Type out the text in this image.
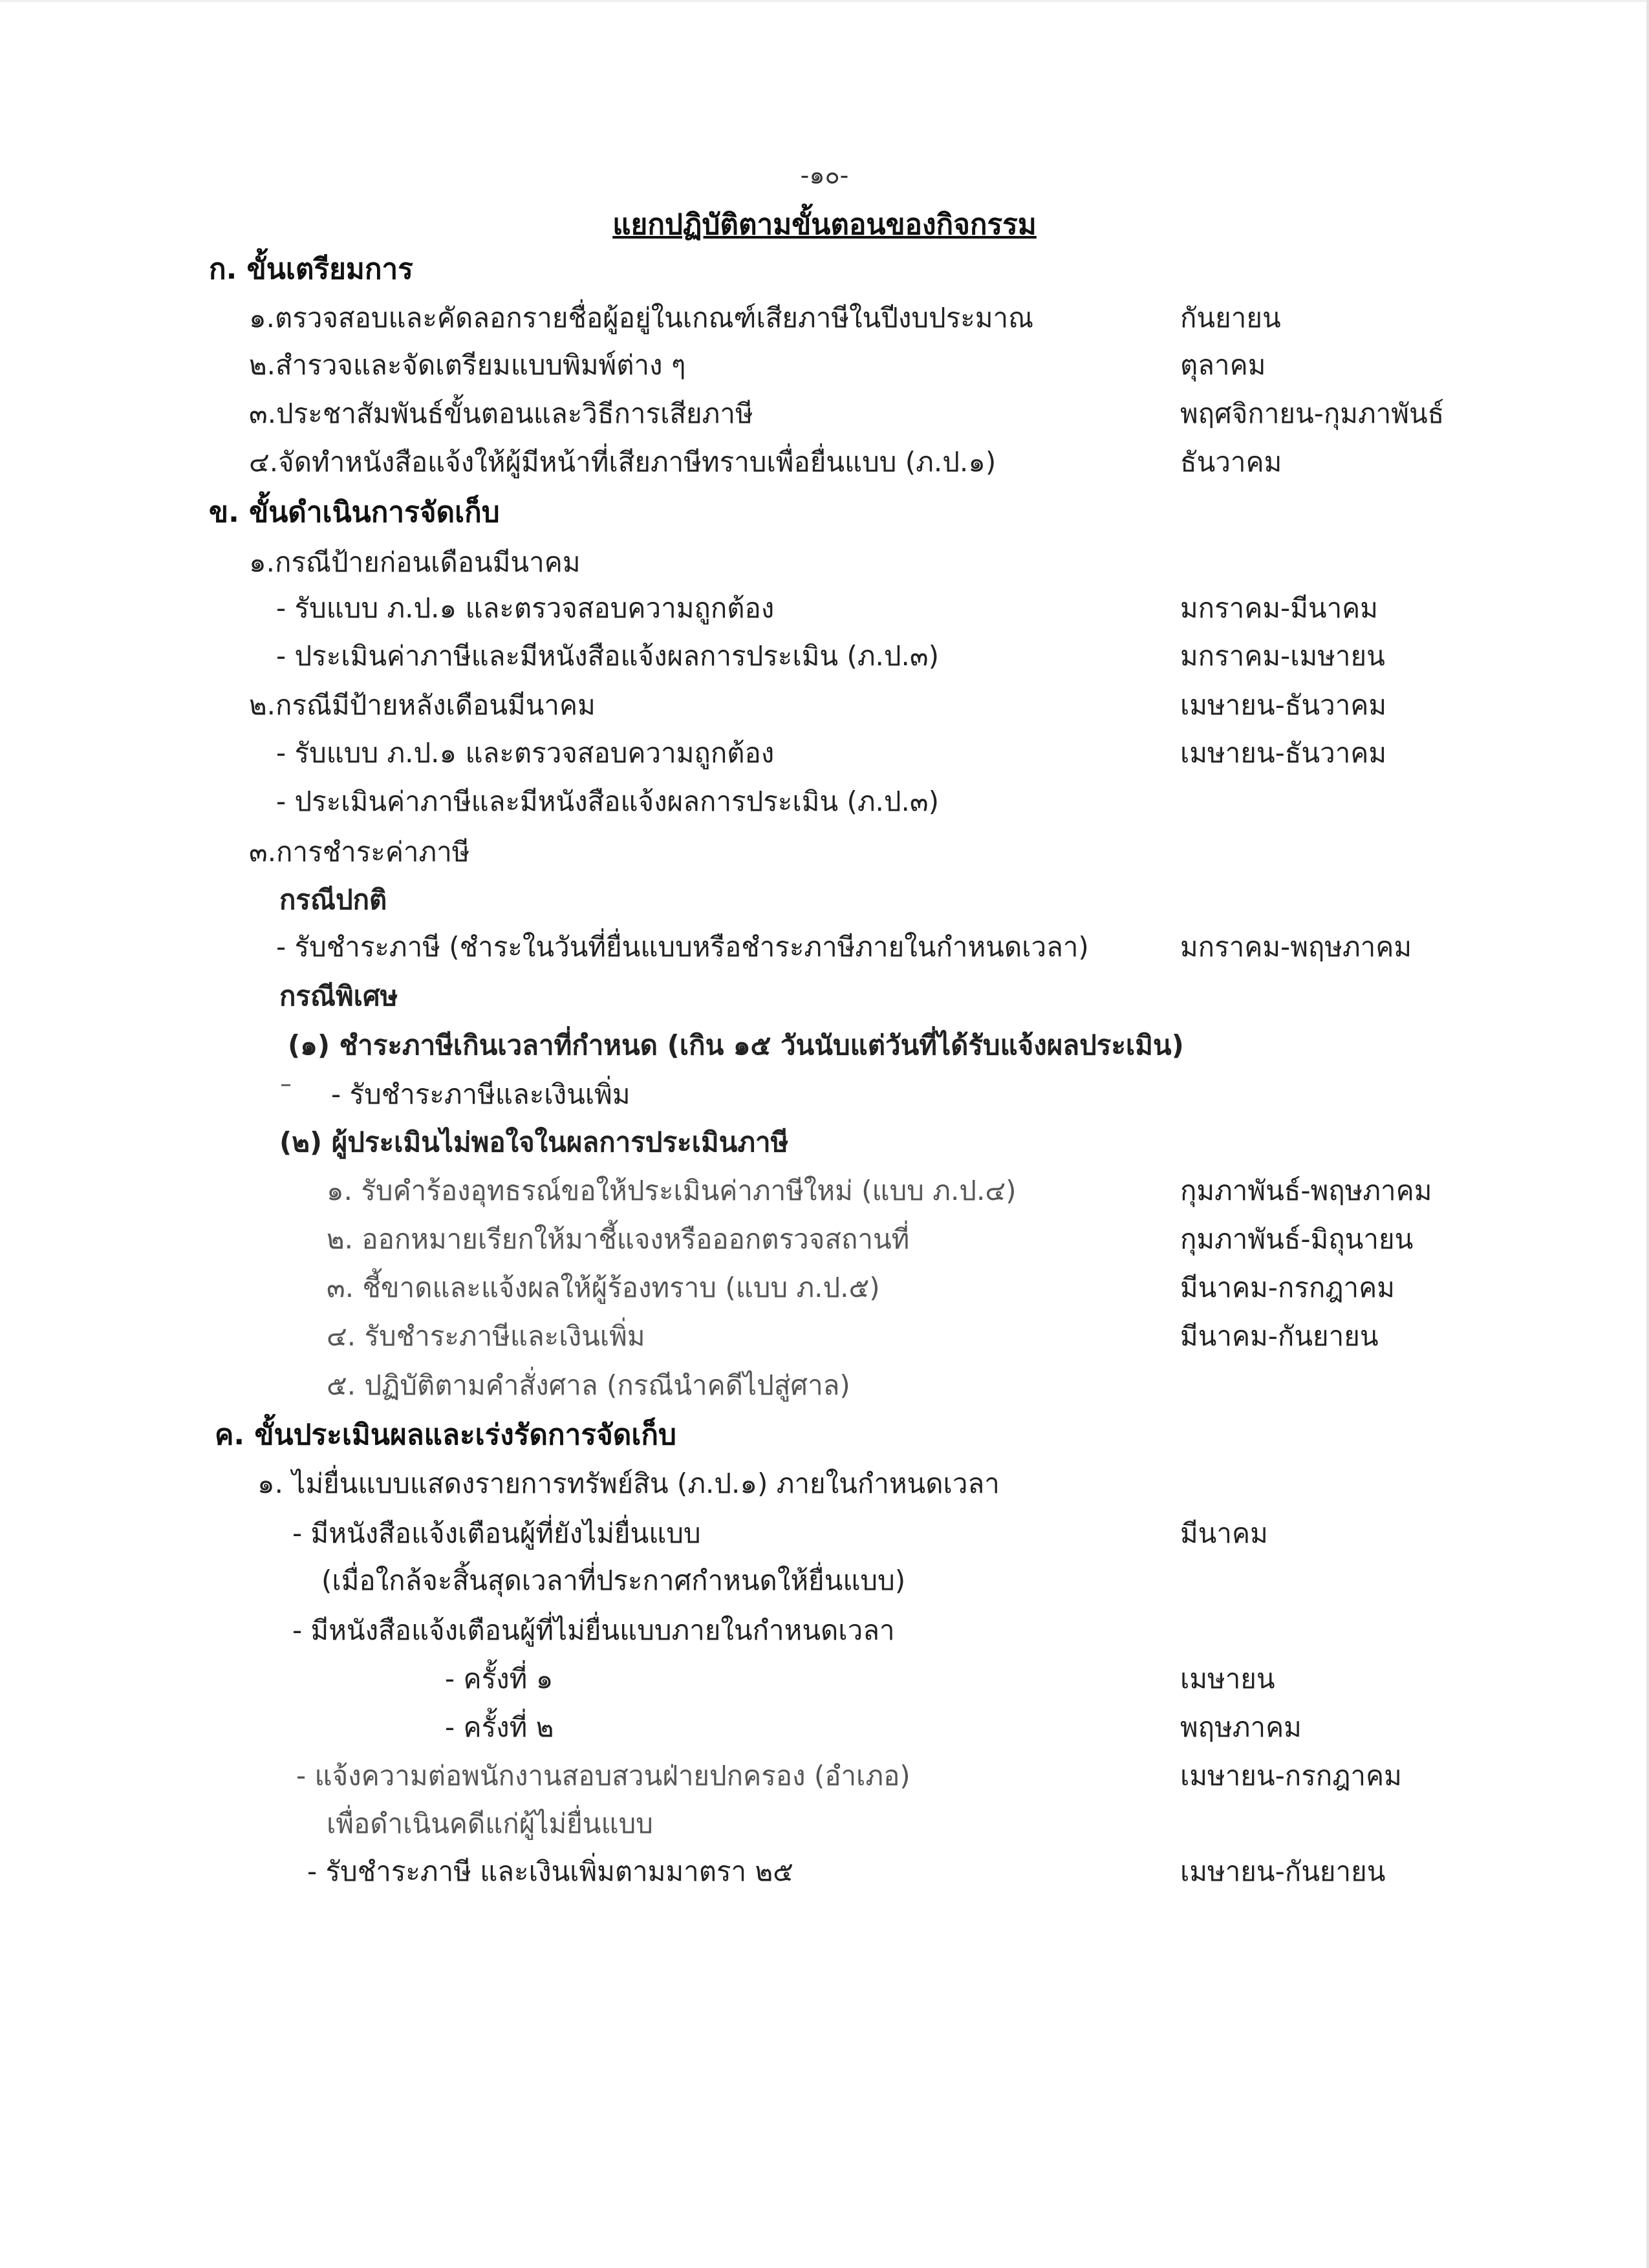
-๑๐-
แยกปฏิบัติตามขั้นตอนของกิจกรรม
ก. ขั้นเตรียมการ
๑.ตรวจสอบและคัดลอกรายชื่อผู้อยู่ในเกณฑ์เสียภาษีในปีงบประมาณ	กันยายน
๒.สำรวจและจัดเตรียมแบบพิมพ์ต่าง ๆ	ตุลาคม
๓.ประชาสัมพันธ์ขั้นตอนและวิธีการเสียภาษี	พฤศจิกายน-กุมภาพันธ์
๔.จัดทำหนังสือแจ้งให้ผู้มีหน้าที่เสียภาษีทราบเพื่อยื่นแบบ (ภ.ป.๑)	ธันวาคม
ข. ขั้นดำเนินการจัดเก็บ
๑.กรณีป้ายก่อนเดือนมีนาคม
- รับแบบ ภ.ป.๑ และตรวจสอบความถูกต้อง	มกราคม-มีนาคม
- ประเมินค่าภาษีและมีหนังสือแจ้งผลการประเมิน (ภ.ป.๓)	มกราคม-เมษายน
๒.กรณีมีป้ายหลังเดือนมีนาคม	เมษายน-ธันวาคม
- รับแบบ ภ.ป.๑ และตรวจสอบความถูกต้อง	เมษายน-ธันวาคม
- ประเมินค่าภาษีและมีหนังสือแจ้งผลการประเมิน (ภ.ป.๓)
๓.การชำระค่าภาษี
กรณีปกติ
- รับชำระภาษี (ชำระในวันที่ยื่นแบบหรือชำระภาษีภายในกำหนดเวลา)	มกราคม-พฤษภาคม
กรณีพิเศษ
(๑) ชำระภาษีเกินเวลาที่กำหนด (เกิน ๑๕ วันนับแต่วันที่ได้รับแจ้งผลประเมิน)
- รับชำระภาษีและเงินเพิ่ม
(๒) ผู้ประเมินไม่พอใจในผลการประเมินภาษี
๑. รับคำร้องอุทธรณ์ขอให้ประเมินค่าภาษีใหม่ (แบบ ภ.ป.๔)	กุมภาพันธ์-พฤษภาคม
๒. ออกหมายเรียกให้มาชี้แจงหรือออกตรวจสถานที่	กุมภาพันธ์-มิถุนายน
๓. ชี้ขาดและแจ้งผลให้ผู้ร้องทราบ (แบบ ภ.ป.๕)	มีนาคม-กรกฎาคม
๔. รับชำระภาษีและเงินเพิ่ม	มีนาคม-กันยายน
๕. ปฏิบัติตามคำสั่งศาล (กรณีนำคดีไปสู่ศาล)
ค. ขั้นประเมินผลและเร่งรัดการจัดเก็บ
๑. ไม่ยื่นแบบแสดงรายการทรัพย์สิน (ภ.ป.๑) ภายในกำหนดเวลา
- มีหนังสือแจ้งเตือนผู้ที่ยังไม่ยื่นแบบ	มีนาคม
(เมื่อใกล้จะสิ้นสุดเวลาที่ประกาศกำหนดให้ยื่นแบบ)
- มีหนังสือแจ้งเตือนผู้ที่ไม่ยื่นแบบภายในกำหนดเวลา
- ครั้งที่ ๑	เมษายน
- ครั้งที่ ๒	พฤษภาคม
- แจ้งความต่อพนักงานสอบสวนฝ่ายปกครอง (อำเภอ)	เมษายน-กรกฎาคม
เพื่อดำเนินคดีแก่ผู้ไม่ยื่นแบบ
- รับชำระภาษี และเงินเพิ่มตามมาตรา ๒๕	เมษายน-กันยายน
